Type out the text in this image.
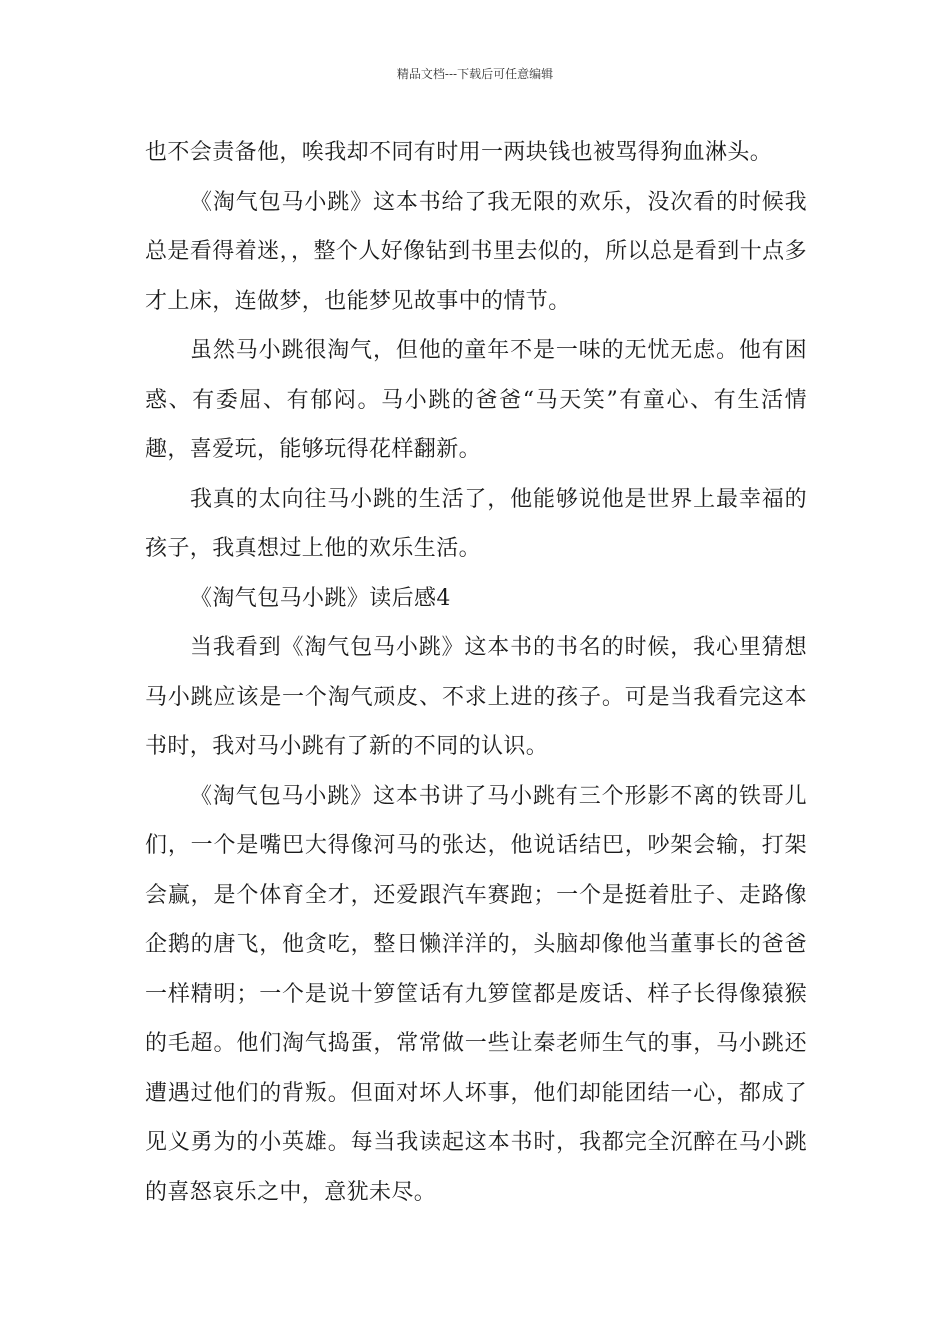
精品文档---下载后可任意编辑

也不会责备他，唉我却不同有时用一两块钱也被骂得狗血淋头。

《淘气包马小跳》这本书给了我无限的欢乐，没次看的时候我总是看得着迷，，整个人好像钻到书里去似的，所以总是看到十点多才上床，连做梦，也能梦见故事中的情节。

虽然马小跳很淘气，但他的童年不是一味的无忧无虑。他有困惑、有委屈、有郁闷。马小跳的爸爸“马天笑”有童心、有生活情趣，喜爱玩，能够玩得花样翻新。

我真的太向往马小跳的生活了，他能够说他是世界上最幸福的孩子，我真想过上他的欢乐生活。

《淘气包马小跳》读后感4

当我看到《淘气包马小跳》这本书的书名的时候，我心里猜想马小跳应该是一个淘气顽皮、不求上进的孩子。可是当我看完这本书时，我对马小跳有了新的不同的认识。

《淘气包马小跳》这本书讲了马小跳有三个形影不离的铁哥儿们，一个是嘴巴大得像河马的张达，他说话结巴，吵架会输，打架会赢，是个体育全才，还爱跟汽车赛跑；一个是挺着肚子、走路像企鹅的唐飞，他贪吃，整日懒洋洋的，头脑却像他当董事长的爸爸一样精明；一个是说十箩筐话有九箩筐都是废话、样子长得像猿猴的毛超。他们淘气捣蛋，常常做一些让秦老师生气的事，马小跳还遭遇过他们的背叛。但面对坏人坏事，他们却能团结一心，都成了见义勇为的小英雄。每当我读起这本书时，我都完全沉醉在马小跳的喜怒哀乐之中，意犹未尽。
